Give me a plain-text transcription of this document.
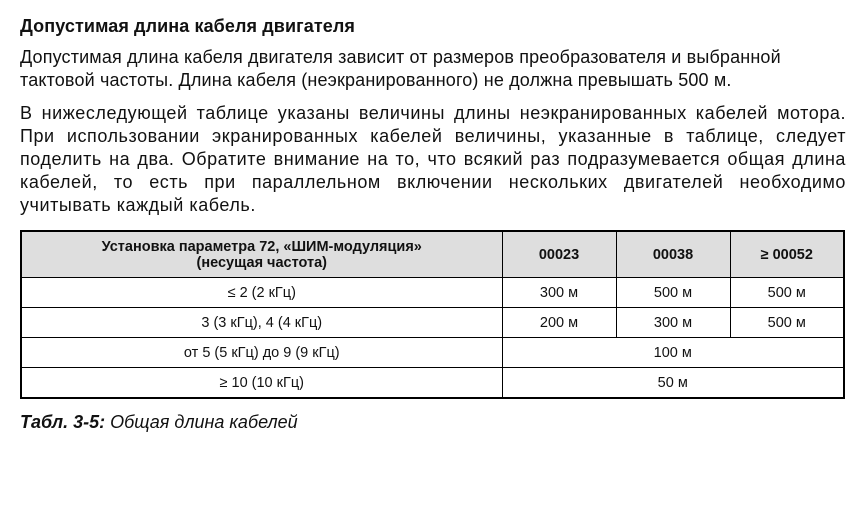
Допустимая длина кабеля двигателя

Допустимая длина кабеля двигателя зависит от размеров преобразователя и выбранной тактовой частоты. Длина кабеля (неэкранированного) не должна превышать 500 м.

В нижеследующей таблице указаны величины длины неэкранированных кабелей мотора. При использовании экранированных кабелей величины, указанные в таблице, следует поделить на два. Обратите внимание на то, что всякий раз подразумевается общая длина кабелей, то есть при параллельном включении нескольких двигателей необходимо учитывать каждый кабель.

Установка параметра 72, «ШИМ-модуляция»
(несущая частота)	00023	00038	≥ 00052
≤ 2 (2 кГц)	300 м	500 м	500 м
3 (3 кГц), 4 (4 кГц)	200 м	300 м	500 м
от 5 (5 кГц) до 9 (9 кГц)	100 м		
≥ 10 (10 кГц)	50 м		
Табл. 3-5: Общая длина кабелей
